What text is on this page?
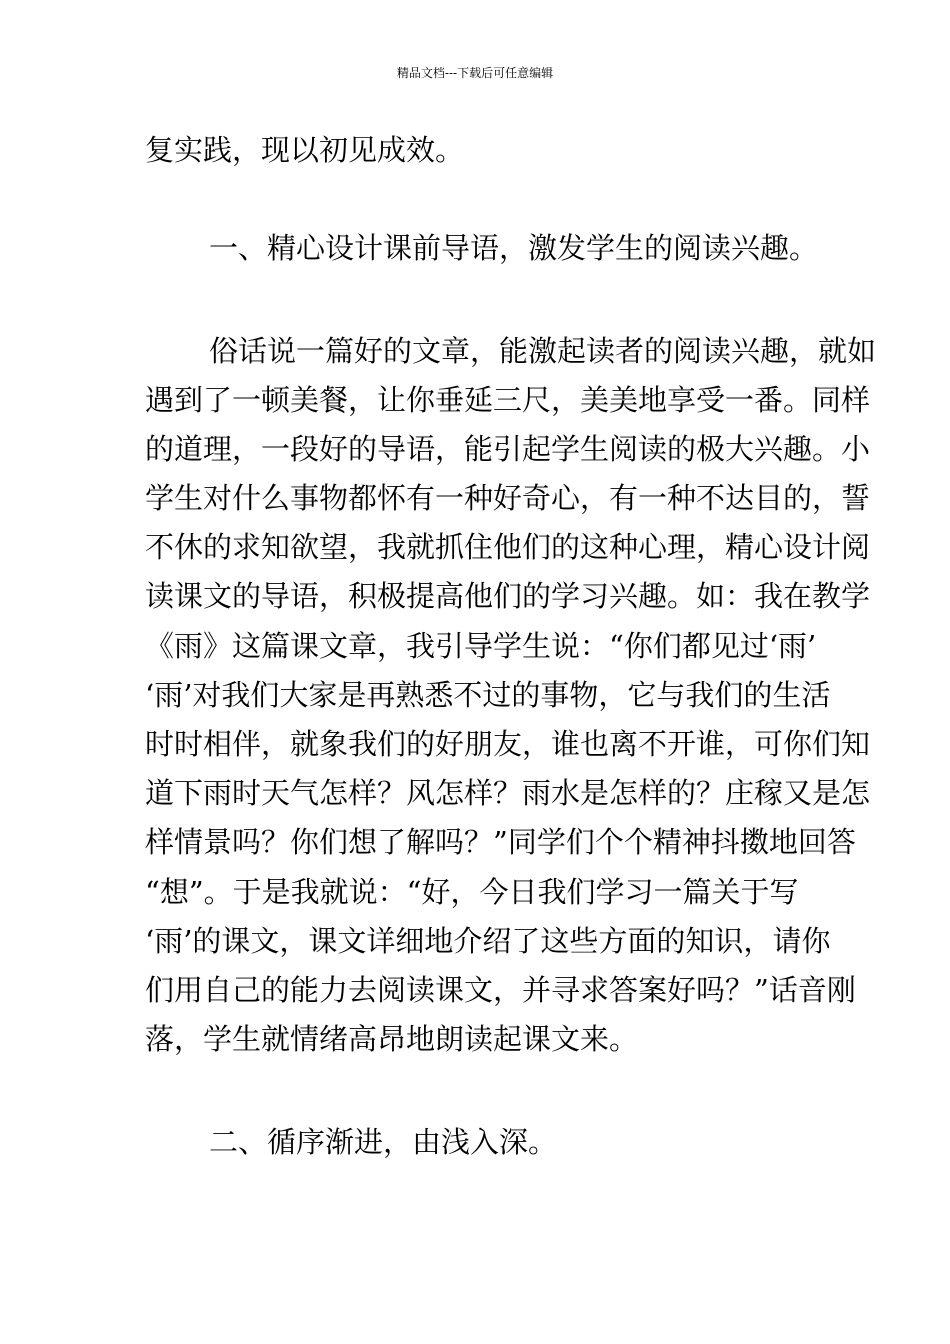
精品文档---下载后可任意编辑
复实践，现以初见成效。
一、精心设计课前导语，激发学生的阅读兴趣。
俗话说一篇好的文章，能激起读者的阅读兴趣，就如
遇到了一顿美餐，让你垂延三尺，美美地享受一番。同样
的道理，一段好的导语，能引起学生阅读的极大兴趣。小
学生对什么事物都怀有一种好奇心，有一种不达目的，誓
不休的求知欲望，我就抓住他们的这种心理，精心设计阅
读课文的导语，积极提高他们的学习兴趣。如：我在教学
《雨》这篇课文章，我引导学生说：“你们都见过‘雨’
‘雨’对我们大家是再熟悉不过的事物，它与我们的生活
时时相伴，就象我们的好朋友，谁也离不开谁，可你们知
道下雨时天气怎样？风怎样？雨水是怎样的？庄稼又是怎
样情景吗？你们想了解吗？”同学们个个精神抖擞地回答
“想”。于是我就说：“好，今日我们学习一篇关于写
‘雨’的课文，课文详细地介绍了这些方面的知识，请你
们用自己的能力去阅读课文，并寻求答案好吗？”话音刚
落，学生就情绪高昂地朗读起课文来。
二、循序渐进，由浅入深。
